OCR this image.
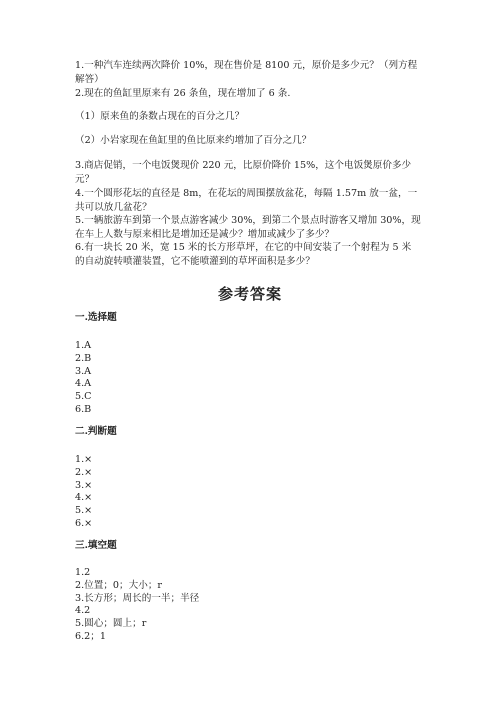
1.一种汽车连续两次降价 10%，现在售价是 8100 元，原价是多少元？（列方程
解答）
2.现在的鱼缸里原来有 26 条鱼，现在增加了 6 条.
（1）原来鱼的条数占现在的百分之几？
（2）小岩家现在鱼缸里的鱼比原来约增加了百分之几？
3.商店促销，一个电饭煲现价 220 元，比原价降价 15%，这个电饭煲原价多少
元？
4.一个圆形花坛的直径是 8m，在花坛的周围摆放盆花，每隔 1.57m 放一盆，一
共可以放几盆花？
5.一辆旅游车到第一个景点游客减少 30%，到第二个景点时游客又增加 30%，现
在车上人数与原来相比是增加还是减少？增加或减少了多少？
6.有一块长 20 米，宽 15 米的长方形草坪，在它的中间安装了一个射程为 5 米
的自动旋转喷灌装置，它不能喷灌到的草坪面积是多少？
参考答案
一.选择题
1.A
2.B
3.A
4.A
5.C
6.B
二.判断题
1.×
2.×
3.×
4.×
5.×
6.×
三.填空题
1.2
2.位置；0；大小；r
3.长方形；周长的一半；半径
4.2
5.圆心；圆上；r
6.2；1
